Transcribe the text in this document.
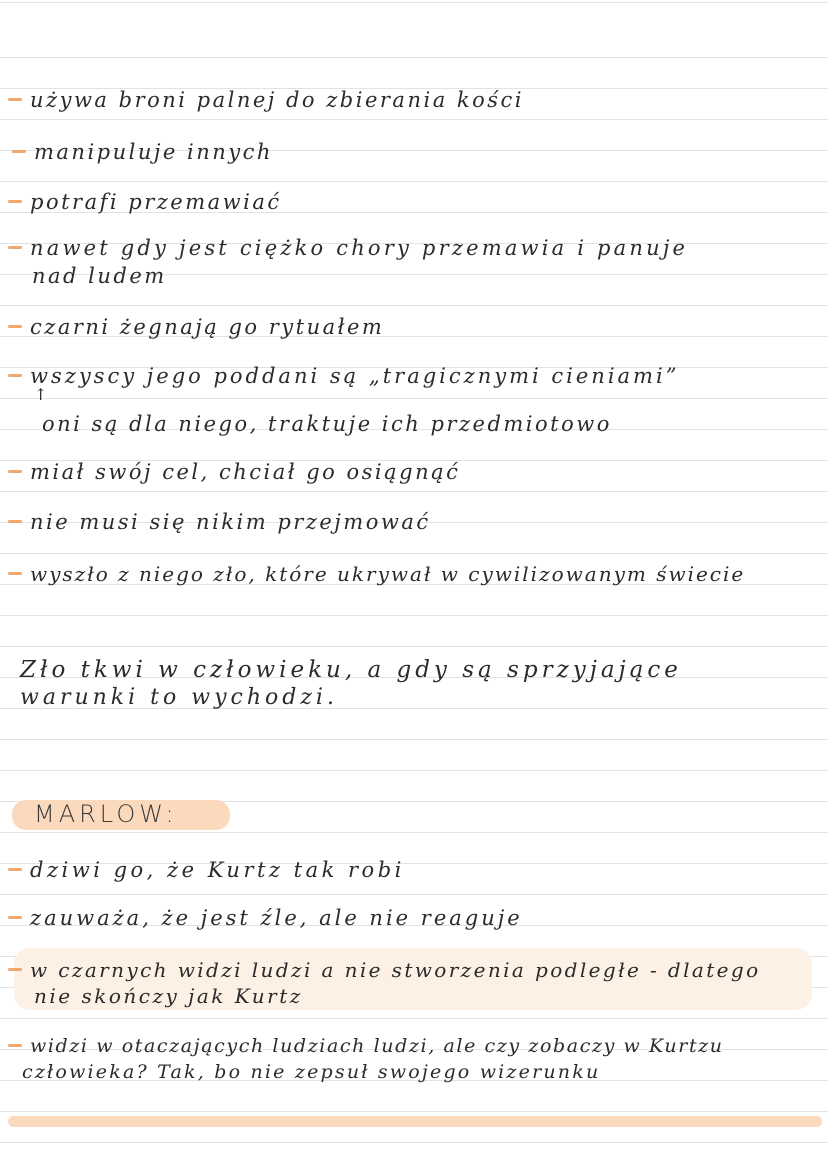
używa broni palnej do zbierania kości
manipuluje innych
potrafi przemawiać
nawet gdy jest ciężko chory przemawia i panuje
nad ludem
czarni żegnają go rytuałem
wszyscy jego poddani są „tragicznymi cieniami”
↑
oni są dla niego, traktuje ich przedmiotowo
miał swój cel, chciał go osiągnąć
nie musi się nikim przejmować
wyszło z niego zło, które ukrywał w cywilizowanym świecie
Zło tkwi w człowieku, a gdy są sprzyjające
warunki to wychodzi.
MARLOW:
dziwi go, że Kurtz tak robi
zauważa, że jest źle, ale nie reaguje
w czarnych widzi ludzi a nie stworzenia podległe - dlatego
nie skończy jak Kurtz
widzi w otaczających ludziach ludzi, ale czy zobaczy w Kurtzu
człowieka? Tak, bo nie zepsuł swojego wizerunku
